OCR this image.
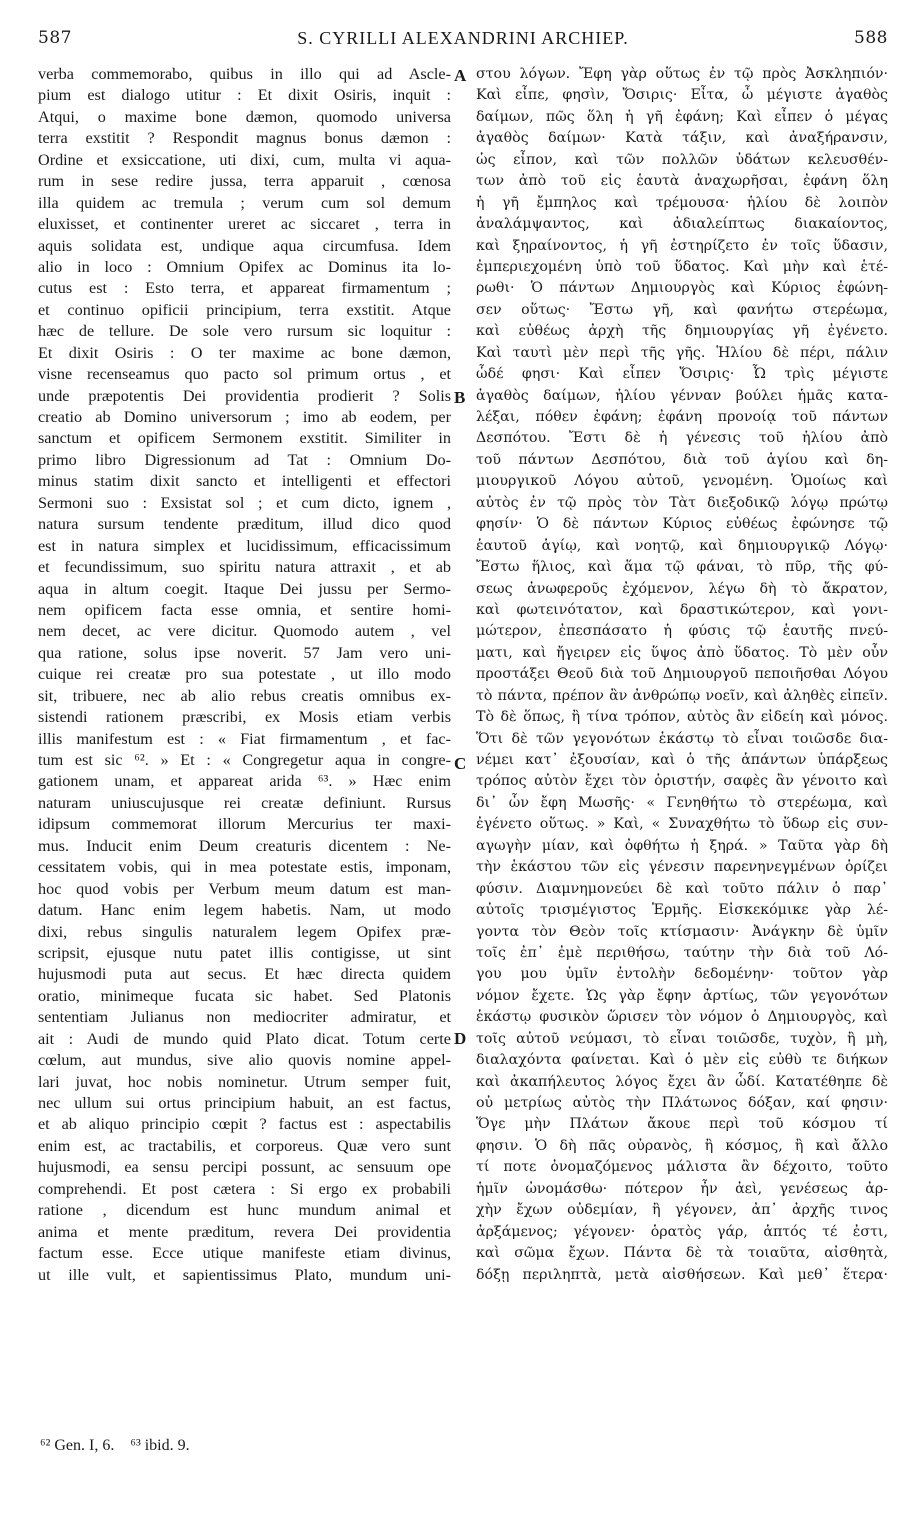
587	S. CYRILLI ALEXANDRINI ARCHIEP.	588
verba commemorabo, quibus in illo qui ad Ascle-
pium est dialogo utitur : Et dixit Osiris, inquit :
Atqui, o maxime bone dæmon, quomodo universa
terra exstitit ? Respondit magnus bonus dæmon :
Ordine et exsiccatione, uti dixi, cum, multa vi aqua-
rum in sese redire jussa, terra apparuit , cœnosa
illa quidem ac tremula ; verum cum sol demum
eluxisset, et continenter ureret ac siccaret , terra in
aquis solidata est, undique aqua circumfusa. Idem
alio in loco : Omnium Opifex ac Dominus ita lo-
cutus est : Esto terra, et appareat firmamentum ;
et continuo opificii principium, terra exstitit. Atque
hæc de tellure. De sole vero rursum sic loquitur :
Et dixit Osiris : O ter maxime ac bone dæmon,
visne recenseamus quo pacto sol primum ortus , et
unde præpotentis Dei providentia prodierit ? Solis
creatio ab Domino universorum ; imo ab eodem, per
sanctum et opificem Sermonem exstitit. Similiter in
primo libro Digressionum ad Tat : Omnium Do-
minus statim dixit sancto et intelligenti et effectori
Sermoni suo : Exsistat sol ; et cum dicto, ignem ,
natura sursum tendente præditum, illud dico quod
est in natura simplex et lucidissimum, efficacissimum
et fecundissimum, suo spiritu natura attraxit , et ab
aqua in altum coegit. Itaque Dei jussu per Sermo-
nem opificem facta esse omnia, et sentire homi-
nem decet, ac vere dicitur. Quomodo autem , vel
qua ratione, solus ipse noverit. 57 Jam vero uni-
cuique rei creatæ pro sua potestate , ut illo modo
sit, tribuere, nec ab alio rebus creatis omnibus ex-
sistendi rationem præscribi, ex Mosis etiam verbis
illis manifestum est : « Fiat firmamentum , et fac-
tum est sic ⁶². » Et : « Congregetur aqua in congre-
gationem unam, et appareat arida ⁶³. » Hæc enim
naturam uniuscujusque rei creatæ definiunt. Rursus
idipsum commemorat illorum Mercurius ter maxi-
mus. Inducit enim Deum creaturis dicentem : Ne-
cessitatem vobis, qui in mea potestate estis, imponam,
hoc quod vobis per Verbum meum datum est man-
datum. Hanc enim legem habetis. Nam, ut modo
dixi, rebus singulis naturalem legem Opifex præ-
scripsit, ejusque nutu patet illis contigisse, ut sint
hujusmodi puta aut secus. Et hæc directa quidem
oratio, minimeque fucata sic habet. Sed Platonis
sententiam Julianus non mediocriter admiratur, et
ait : Audi de mundo quid Plato dicat. Totum certe
cœlum, aut mundus, sive alio quovis nomine appel-
lari juvat, hoc nobis nominetur. Utrum semper fuit,
nec ullum sui ortus principium habuit, an est factus,
et ab aliquo principio cœpit ? factus est : aspectabilis
enim est, ac tractabilis, et corporeus. Quæ vero sunt
hujusmodi, ea sensu percipi possunt, ac sensuum ope
comprehendi. Et post cætera : Si ergo ex probabili
ratione , dicendum est hunc mundum animal et
anima et mente præditum, revera Dei providentia
factum esse. Ecce utique manifeste etiam divinus,
ut ille vult, et sapientissimus Plato, mundum uni-
στου λόγων. Ἔφη γὰρ οὕτως ἐν τῷ πρὸς Ἀσκληπιόν·
Καὶ εἶπε, φησὶν, Ὄσιρις· Εἶτα, ὦ μέγιστε ἀγαθὸς
δαίμων, πῶς ὅλη ἡ γῆ ἐφάνη; Καὶ εἶπεν ὁ μέγας
ἀγαθὸς δαίμων· Κατὰ τάξιν, καὶ ἀναξήρανσιν,
ὡς εἶπον, καὶ τῶν πολλῶν ὑδάτων κελευσθέν-
των ἀπὸ τοῦ εἰς ἑαυτὰ ἀναχωρῆσαι, ἐφάνη ὅλη
ἡ γῆ ἔμπηλος καὶ τρέμουσα· ἡλίου δὲ λοιπὸν
ἀναλάμψαντος, καὶ ἀδιαλείπτως διακαίοντος,
καὶ ξηραίνοντος, ἡ γῆ ἐστηρίζετο ἐν τοῖς ὕδασιν,
ἐμπεριεχομένη ὑπὸ τοῦ ὕδατος. Καὶ μὴν καὶ ἑτέ-
ρωθι· Ὁ πάντων Δημιουργὸς καὶ Κύριος ἐφώνη-
σεν οὕτως· Ἔστω γῆ, καὶ φανήτω στερέωμα,
καὶ εὐθέως ἀρχὴ τῆς δημιουργίας γῆ ἐγένετο.
Καὶ ταυτὶ μὲν περὶ τῆς γῆς. Ἡλίου δὲ πέρι, πάλιν
ὧδέ φησι· Καὶ εἶπεν Ὄσιρις· Ὦ τρὶς μέγιστε
ἀγαθὸς δαίμων, ἡλίου γένναν βούλει ἡμᾶς κατα-
λέξαι, πόθεν ἐφάνη; ἐφάνη προνοίᾳ τοῦ πάντων
Δεσπότου. Ἔστι δὲ ἡ γένεσις τοῦ ἡλίου ἀπὸ
τοῦ πάντων Δεσπότου, διὰ τοῦ ἁγίου καὶ δη-
μιουργικοῦ Λόγου αὐτοῦ, γενομένη. Ὁμοίως καὶ
αὐτὸς ἐν τῷ πρὸς τὸν Τὰτ διεξοδικῷ λόγῳ πρώτῳ
φησίν· Ὁ δὲ πάντων Κύριος εὐθέως ἐφώνησε τῷ
ἑαυτοῦ ἁγίῳ, καὶ νοητῷ, καὶ δημιουργικῷ Λόγῳ·
Ἔστω ἥλιος, καὶ ἅμα τῷ φάναι, τὸ πῦρ, τῆς φύ-
σεως ἀνωφεροῦς ἐχόμενον, λέγω δὴ τὸ ἄκρατον,
καὶ φωτεινότατον, καὶ δραστικώτερον, καὶ γονι-
μώτερον, ἐπεσπάσατο ἡ φύσις τῷ ἑαυτῆς πνεύ-
ματι, καὶ ἤγειρεν εἰς ὕψος ἀπὸ ὕδατος. Τὸ μὲν οὖν
προστάξει Θεοῦ διὰ τοῦ Δημιουργοῦ πεποιῆσθαι Λόγου
τὸ πάντα, πρέπον ἂν ἀνθρώπῳ νοεῖν, καὶ ἀληθὲς εἰπεῖν.
Τὸ δὲ ὅπως, ἢ τίνα τρόπον, αὐτὸς ἂν εἰδείη καὶ μόνος.
Ὅτι δὲ τῶν γεγονότων ἑκάστῳ τὸ εἶναι τοιῶσδε δια-
νέμει κατ᾽ ἐξουσίαν, καὶ ὁ τῆς ἁπάντων ὑπάρξεως
τρόπος αὐτὸν ἔχει τὸν ὁριστήν, σαφὲς ἂν γένοιτο καὶ
δι᾽ ὧν ἔφη Μωσῆς· « Γενηθήτω τὸ στερέωμα, καὶ
ἐγένετο οὕτως. » Καὶ, « Συναχθήτω τὸ ὕδωρ εἰς συν-
αγωγὴν μίαν, καὶ ὀφθήτω ἡ ξηρά. » Ταῦτα γὰρ δὴ
τὴν ἑκάστου τῶν εἰς γένεσιν παρενηνεγμένων ὁρίζει
φύσιν. Διαμνημονεύει δὲ καὶ τοῦτο πάλιν ὁ παρ᾽
αὐτοῖς τρισμέγιστος Ἑρμῆς. Εἰσκεκόμικε γὰρ λέ-
γοντα τὸν Θεὸν τοῖς κτίσμασιν· Ἀνάγκην δὲ ὑμῖν
τοῖς ἐπ᾽ ἐμὲ περιθήσω, ταύτην τὴν διὰ τοῦ Λό-
γου μου ὑμῖν ἐντολὴν δεδομένην· τοῦτον γὰρ
νόμον ἔχετε. Ὡς γὰρ ἔφην ἀρτίως, τῶν γεγονότων
ἑκάστῳ φυσικὸν ὥρισεν τὸν νόμον ὁ Δημιουργὸς, καὶ
τοῖς αὐτοῦ νεύμασι, τὸ εἶναι τοιῶσδε, τυχὸν, ἢ μὴ,
διαλαχόντα φαίνεται. Καὶ ὁ μὲν εἰς εὐθὺ τε διήκων
καὶ ἀκαπήλευτος λόγος ἔχει ἂν ὧδί. Κατατέθηπε δὲ
οὐ μετρίως αὐτὸς τὴν Πλάτωνος δόξαν, καί φησιν·
Ὅγε μὴν Πλάτων ἄκουε περὶ τοῦ κόσμου τί
φησιν. Ὁ δὴ πᾶς οὐρανὸς, ἢ κόσμος, ἢ καὶ ἄλλο
τί ποτε ὀνομαζόμενος μάλιστα ἂν δέχοιτο, τοῦτο
ἡμῖν ὠνομάσθω· πότερον ἦν ἀεὶ, γενέσεως ἀρ-
χὴν ἔχων οὐδεμίαν, ἢ γέγονεν, ἀπ᾽ ἀρχῆς τινος
ἀρξάμενος; γέγονεν· ὁρατὸς γάρ, ἁπτός τέ ἐστι,
καὶ σῶμα ἔχων. Πάντα δὲ τὰ τοιαῦτα, αἰσθητὰ,
δόξῃ περιληπτὰ, μετὰ αἰσθήσεων. Καὶ μεθ᾽ ἕτερα·
A
B
C
D
⁶² Gen. I, 6. ⁶³ ibid. 9.
